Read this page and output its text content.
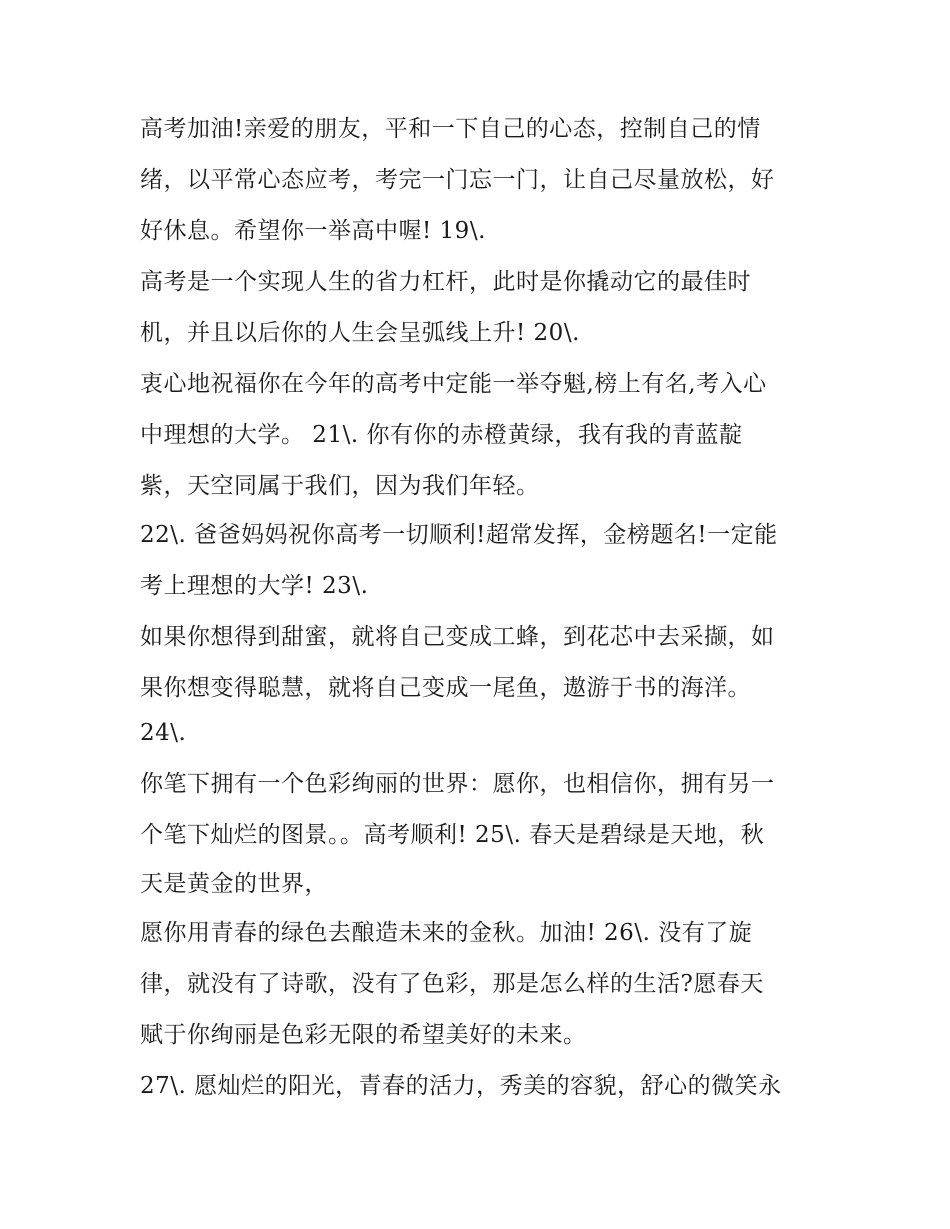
高考加油!亲爱的朋友，平和一下自己的心态，控制自己的情
绪，以平常心态应考，考完一门忘一门，让自己尽量放松，好
好休息。希望你一举高中喔! 19\.
高考是一个实现人生的省力杠杆，此时是你撬动它的最佳时
机，并且以后你的人生会呈弧线上升! 20\.
衷心地祝福你在今年的高考中定能一举夺魁,榜上有名,考入心
中理想的大学。 21\. 你有你的赤橙黄绿，我有我的青蓝靛
紫，天空同属于我们，因为我们年轻。
22\. 爸爸妈妈祝你高考一切顺利!超常发挥，金榜题名!一定能
考上理想的大学! 23\.
如果你想得到甜蜜，就将自己变成工蜂，到花芯中去采撷，如
果你想变得聪慧，就将自己变成一尾鱼，遨游于书的海洋。
24\.
你笔下拥有一个色彩绚丽的世界：愿你，也相信你，拥有另一
个笔下灿烂的图景。。高考顺利! 25\. 春天是碧绿是天地，秋
天是黄金的世界，
愿你用青春的绿色去酿造未来的金秋。加油! 26\. 没有了旋
律，就没有了诗歌，没有了色彩，那是怎么样的生活?愿春天
赋于你绚丽是色彩无限的希望美好的未来。
27\. 愿灿烂的阳光，青春的活力，秀美的容貌，舒心的微笑永
